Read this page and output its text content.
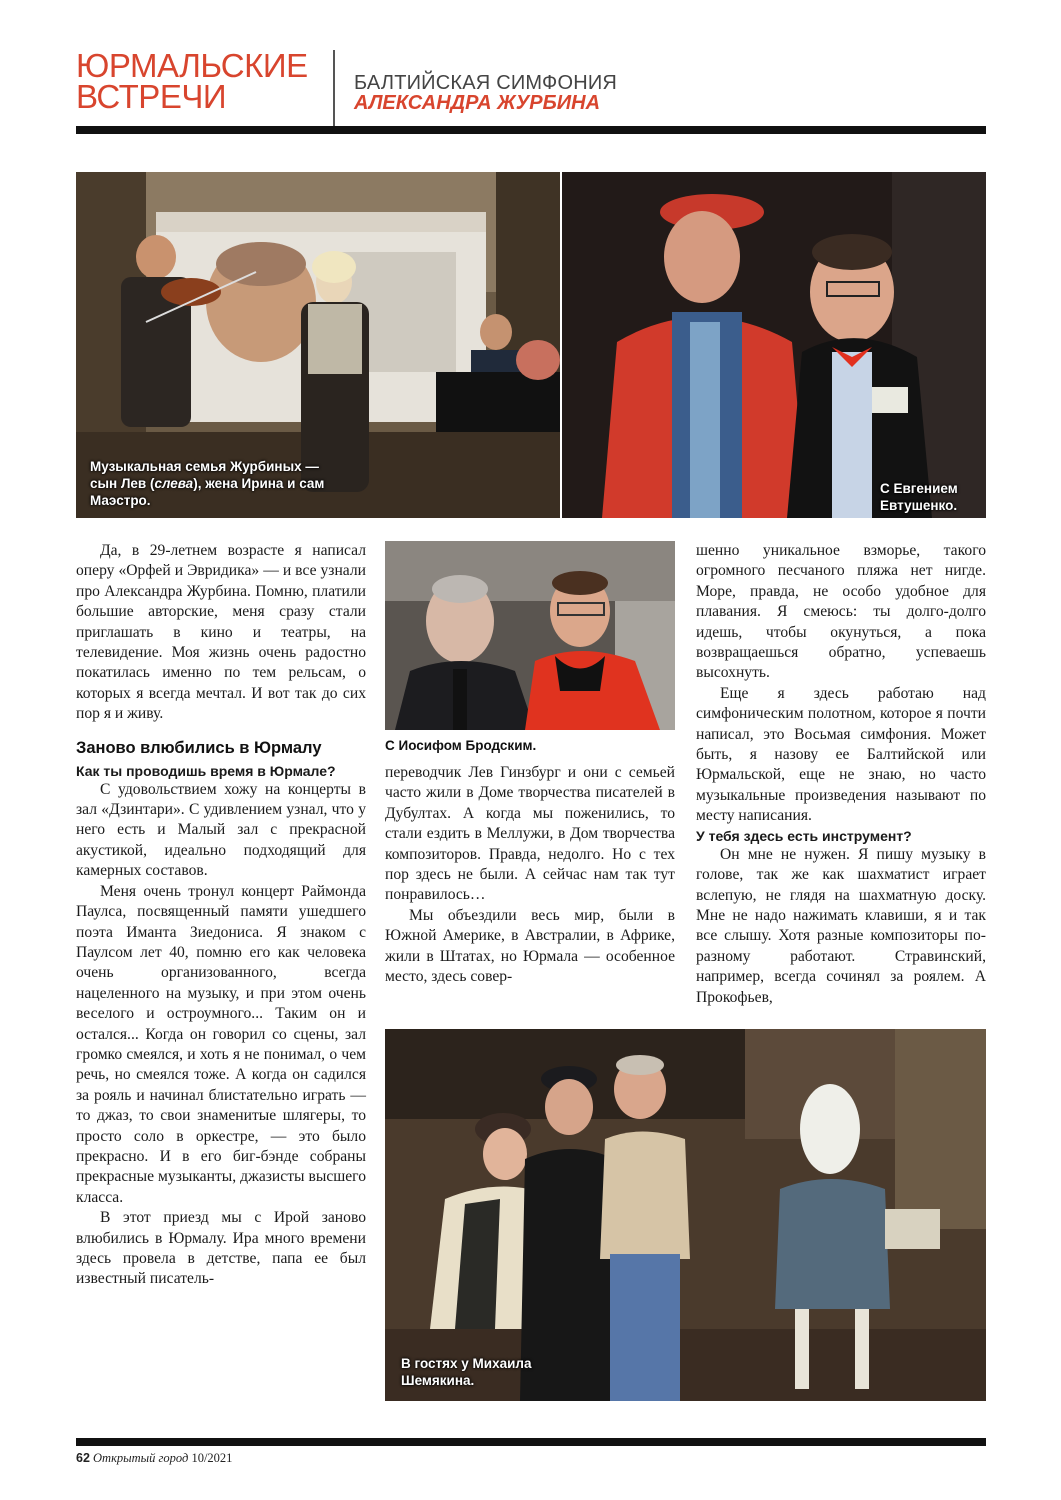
ЮРМАЛЬСКИЕ
ВСТРЕЧИ	БАЛТИЙСКАЯ СИМФОНИЯ
АЛЕКСАНДРА ЖУРБИНА
Музыкальная семья Журбиных —
сын Лев (слева), жена Ирина и сам
Маэстро.
С Евгением
Евтушенко.

Да, в 29-летнем возрасте я написал оперу «Орфей и Эвридика» — и все узнали про Александра Журбина. Помню, платили большие авторские, меня сразу стали приглашать в кино и театры, на телевидение. Моя жизнь очень радостно покатилась именно по тем рельсам, о которых я всегда мечтал. И вот так до сих пор я и живу.

Заново влюбились в Юрмалу

Как ты проводишь время в Юрмале?

С удовольствием хожу на концерты в зал «Дзинтари». С удивлением узнал, что у него есть и Малый зал с прекрасной акустикой, идеально подходящий для камерных составов.

Меня очень тронул концерт Раймонда Паулса, посвященный памяти ушедшего поэта Иманта Зиедониса. Я знаком с Паулсом лет 40, помню его как человека очень организованного, всегда нацеленного на музыку, и при этом очень веселого и остроумного... Таким он и остался... Когда он говорил со сцены, зал громко смеялся, и хоть я не понимал, о чем речь, но смеялся тоже. А когда он садился за рояль и начинал блистательно играть — то джаз, то свои знаменитые шлягеры, то просто соло в оркестре, — это было прекрасно. И в его биг-бэнде собраны прекрасные музыканты, джазисты высшего класса.

В этот приезд мы с Ирой заново влюбились в Юрмалу. Ира много времени здесь провела в детстве, папа ее был известный писатель-

С Иосифом Бродским.

переводчик Лев Гинзбург и они с семьей часто жили в Доме творчества писателей в Дубултах. А когда мы поженились, то стали ездить в Меллужи, в Дом творчества композиторов. Правда, недолго. Но с тех пор здесь не были. А сейчас нам так тут понравилось…

Мы объездили весь мир, были в Южной Америке, в Австралии, в Африке, жили в Штатах, но Юрмала — особенное место, здесь совер-

шенно уникальное взморье, такого огромного песчаного пляжа нет нигде. Море, правда, не особо удобное для плавания. Я смеюсь: ты долго-долго идешь, чтобы окунуться, а пока возвращаешься обратно, успеваешь высохнуть.

Еще я здесь работаю над симфоническим полотном, которое я почти написал, это Восьмая симфония. Может быть, я назову ее Балтийской или Юрмальской, еще не знаю, но часто музыкальные произведения называют по месту написания.

У тебя здесь есть инструмент?

Он мне не нужен. Я пишу музыку в голове, так же как шахматист играет вслепую, не глядя на шахматную доску. Мне не надо нажимать клавиши, я и так все слышу. Хотя разные композиторы по-разному работают. Стравинский, например, всегда сочинял за роялем. А Прокофьев,

В гостях у Михаила
Шемякина.
62 Открытый город 10/2021
